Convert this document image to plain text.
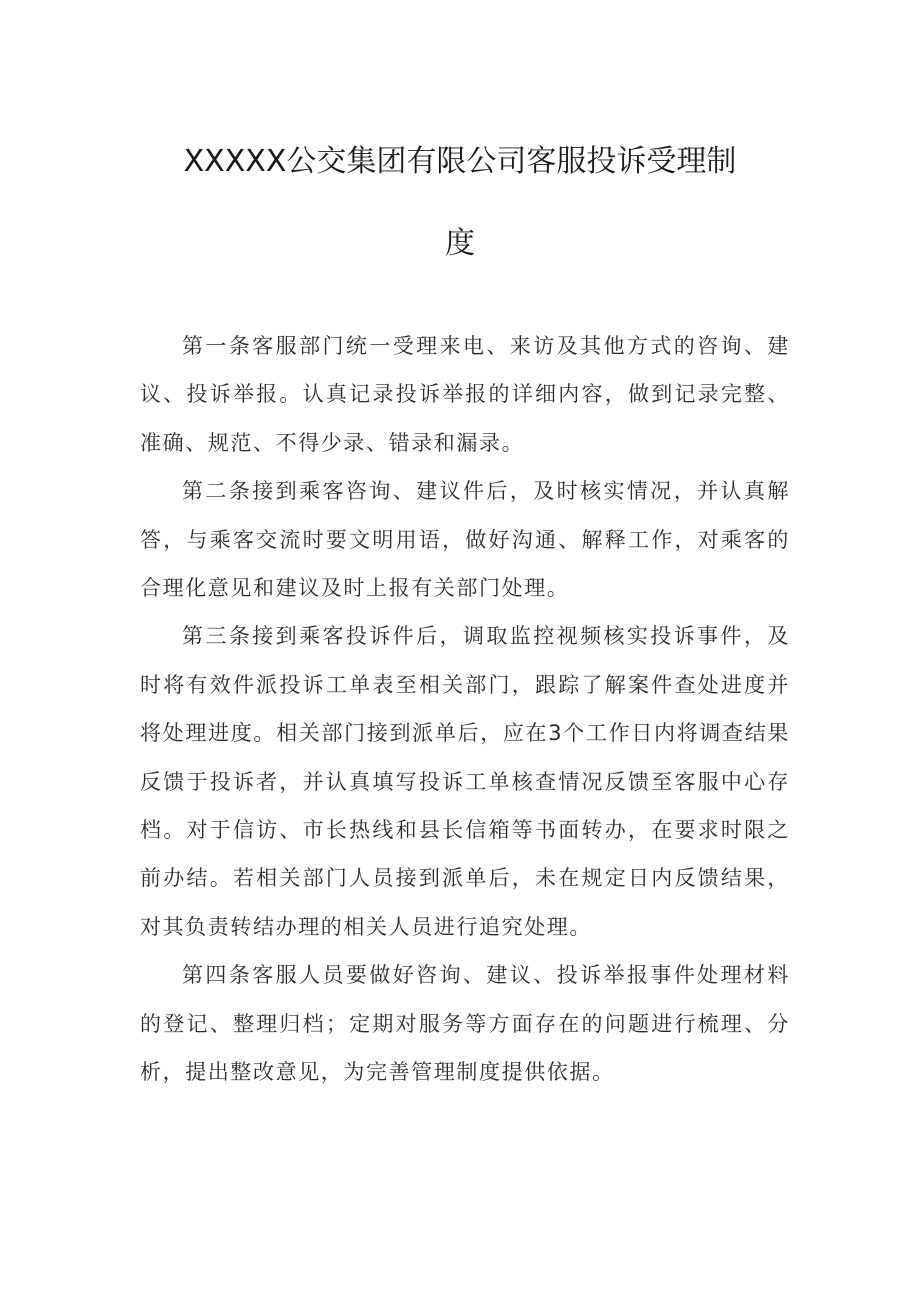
XXXXX公交集团有限公司客服投诉受理制
度

第一条客服部门统一受理来电、来访及其他方式的咨询、建议、投诉举报。认真记录投诉举报的详细内容，做到记录完整、准确、规范、不得少录、错录和漏录。

第二条接到乘客咨询、建议件后，及时核实情况，并认真解答，与乘客交流时要文明用语，做好沟通、解释工作，对乘客的合理化意见和建议及时上报有关部门处理。

第三条接到乘客投诉件后，调取监控视频核实投诉事件，及时将有效件派投诉工单表至相关部门，跟踪了解案件查处进度并将处理进度。相关部门接到派单后，应在3个工作日内将调查结果反馈于投诉者，并认真填写投诉工单核查情况反馈至客服中心存档。对于信访、市长热线和县长信箱等书面转办，在要求时限之前办结。若相关部门人员接到派单后，未在规定日内反馈结果，对其负责转结办理的相关人员进行追究处理。

第四条客服人员要做好咨询、建议、投诉举报事件处理材料的登记、整理归档；定期对服务等方面存在的问题进行梳理、分析，提出整改意见，为完善管理制度提供依据。
